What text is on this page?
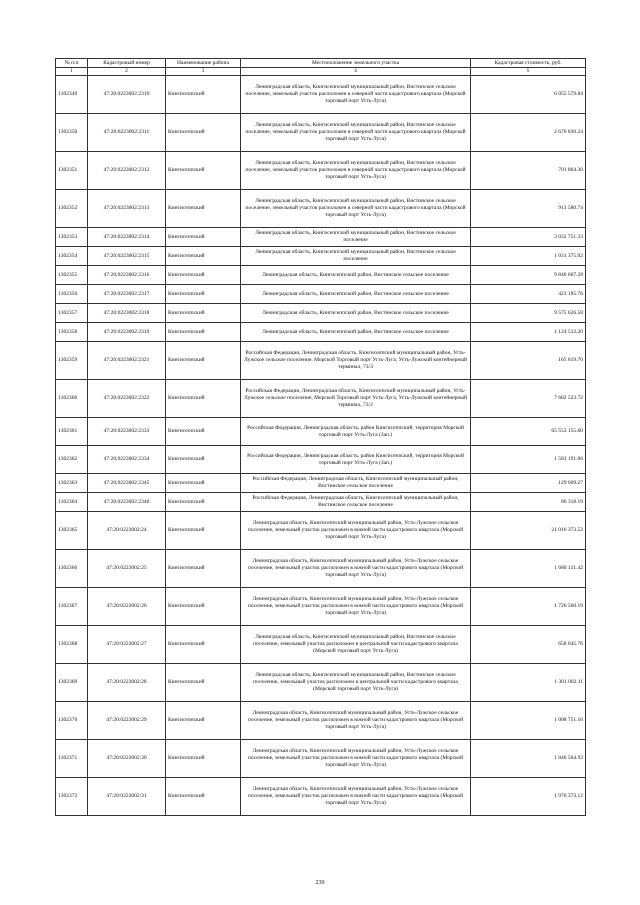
№ п/п	Кадастровый номер	Наименование района	Местоположение земельного участка	Кадастровая стоимость, руб.
1	2	3	4	5
1302349	47:20:0223002:2310	Кингисеппский	Ленинградская область, Кингисеппский муниципальный район, Вистинское сельское поселение, земельный участок расположен в северной части кадастрового квартала (Морской торговый порт Усть-Луга)	6 055 579.84
1302350	47:20:0223002:2311	Кингисеппский	Ленинградская область, Кингисеппский муниципальный район, Вистинское сельское поселение, земельный участок расположен в северной части кадастрового квартала (Морской торговый порт Усть-Луга)	2 676 830.24
1302351	47:20:0223002:2312	Кингисеппский	Ленинградская область, Кингисеппский муниципальный район, Вистинское сельское поселение, земельный участок расположен в северной части кадастрового квартала (Морской торговый порт Усть-Луга)	701 864.30
1302352	47:20:0223002:2313	Кингисеппский	Ленинградская область, Кингисеппский муниципальный район, Вистинское сельское поселение, земельный участок расположен в северной части кадастрового квартала (Морской торговый порт Усть-Луга)	913 580.74
1302353	47:20:0223002:2314	Кингисеппский	Ленинградская область, Кингисеппский муниципальный район, Вистинское сельское поселение	3 032 751.33
1302354	47:20:0223002:2315	Кингисеппский	Ленинградская область, Кингисеппский муниципальный район, Вистинское сельское поселение	1 031 375.02
1302355	47:20:0223002:2316	Кингисеппский	Ленинградская область, Кингисеппский район, Вистинское сельское поселение	9 840 607.28
1302356	47:20:0223002:2317	Кингисеппский	Ленинградская область, Кингисеппский район, Вистинское сельское поселение	423 185.76
1302357	47:20:0223002:2318	Кингисеппский	Ленинградская область, Кингисеппский район, Вистинское сельское поселение	9 575 626.58
1302358	47:20:0223002:2319	Кингисеппский	Ленинградская область, Кингисеппский район, Вистинское сельское поселение	1 124 512.20
1302359	47:20:0223002:2321	Кингисеппский	Российская Федерация, Ленинградская область, Кингисеппский муниципальный район, Усть-Лужское сельское поселение, Морской Торговый порт Усть-Луга, Усть-Лужский контейнерный терминал, 73/3	165 819.70
1302360	47:20:0223002:2322	Кингисеппский	Российская Федерация, Ленинградская область, Кингисеппский муниципальный район, Усть-Лужское сельское поселение, Морской Торговый порт Усть-Луга, Усть-Лужский контейнерный терминал, 73/2	7 682 523.72
1302361	47:20:0223002:2333	Кингисеппский	Российская Федерация, Ленинградская область, район Кингисеппский, территория Морской торговый порт Усть-Луга (Зап.)	65 553 155.60
1302362	47:20:0223002:2334	Кингисеппский	Российская Федерация, Ленинградская область, район Кингисеппский, территория Морской торговый порт Усть-Луга (Зап.)	1 583 191.06
1302363	47:20:0223002:2345	Кингисеппский	Российская Федерация, Ленинградская область, Кингисеппский муниципальный район, Вистинское сельское поселение	129 609.27
1302364	47:20:0223002:2346	Кингисеппский	Российская Федерация, Ленинградская область, Кингисеппский муниципальный район, Вистинское сельское поселение	86 318.19
1302365	47:20:0223002:24	Кингисеппский	Ленинградская область, Кингисеппский муниципальный район, Усть-Лужское сельское поселение, земельный участок расположен в южной части кадастрового квартала (Морской торговый порт Усть-Луга)	21 016 373.52
1302366	47:20:0223002:25	Кингисеппский	Ленинградская область, Кингисеппский муниципальный район, Усть-Лужское сельское поселение, земельный участок расположен в южной части кадастрового квартала (Морской торговый порт Усть-Луга)	1 680 131.42
1302367	47:20:0223002:26	Кингисеппский	Ленинградская область, Кингисеппский муниципальный район, Усть-Лужское сельское поселение, земельный участок расположен в южной части кадастрового квартала (Морской торговый порт Усть-Луга)	1 726 560.19
1302368	47:20:0223002:27	Кингисеппский	Ленинградская область, Кингисеппский муниципальный район, Вистинское сельское поселение, земельный участок расположен в центральной части кадастрового квартала (Морской торговый порт Усть-Луга)	658 045.76
1302369	47:20:0223002:28	Кингисеппский	Ленинградская область, Кингисеппский муниципальный район, Вистинское сельское поселение, земельный участок расположен в центральной части кадастрового квартала (Морской торговый порт Усть-Луга)	1 301 002.11
1302370	47:20:0223002:29	Кингисеппский	Ленинградская область, Кингисеппский муниципальный район, Усть-Лужское сельское поселение, земельный участок расположен в южной части кадастрового квартала (Морской торговый порт Усть-Луга)	1 008 751.10
1302371	47:20:0223002:30	Кингисеппский	Ленинградская область, Кингисеппский муниципальный район, Усть-Лужское сельское поселение, земельный участок расположен в южной части кадастрового квартала (Морской торговый порт Усть-Луга)	1 846 564.92
1302372	47:20:0223002:31	Кингисеппский	Ленинградская область, Кингисеппский муниципальный район, Усть-Лужское сельское поселение, земельный участок расположен в южной части кадастрового квартала (Морской торговый порт Усть-Луга)	1 970 373.12
239
